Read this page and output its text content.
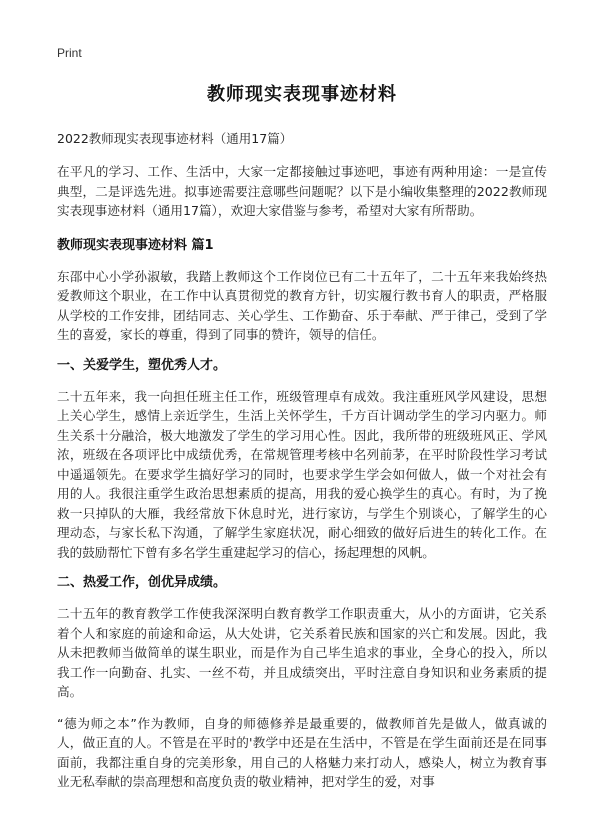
Print
教师现实表现事迹材料
2022教师现实表现事迹材料（通用17篇）

在平凡的学习、工作、生活中，大家一定都接触过事迹吧，事迹有两种用途：一是宣传典型，二是评选先进。拟事迹需要注意哪些问题呢？以下是小编收集整理的2022教师现实表现事迹材料（通用17篇），欢迎大家借鉴与参考，希望对大家有所帮助。

教师现实表现事迹材料 篇1

东邵中心小学孙淑敏，我踏上教师这个工作岗位已有二十五年了，二十五年来我始终热爱教师这个职业，在工作中认真贯彻党的教育方针，切实履行教书育人的职责，严格服从学校的工作安排，团结同志、关心学生、工作勤奋、乐于奉献、严于律己，受到了学生的喜爱，家长的尊重，得到了同事的赞许，领导的信任。

一、关爱学生，塑优秀人才。

二十五年来，我一向担任班主任工作，班级管理卓有成效。我注重班风学风建设，思想上关心学生，感情上亲近学生，生活上关怀学生，千方百计调动学生的学习内驱力。师生关系十分融洽，极大地激发了学生的学习用心性。因此，我所带的班级班风正、学风浓，班级在各项评比中成绩优秀，在常规管理考核中名列前茅，在平时阶段性学习考试中遥遥领先。在要求学生搞好学习的同时，也要求学生学会如何做人，做一个对社会有用的人。我很注重学生政治思想素质的提高，用我的爱心换学生的真心。有时，为了挽救一只掉队的大雁，我经常放下休息时光，进行家访，与学生个别谈心，了解学生的心理动态，与家长私下沟通，了解学生家庭状况，耐心细致的做好后进生的转化工作。在我的鼓励帮忙下曾有多名学生重建起学习的信心，扬起理想的风帆。

二、热爱工作，创优异成绩。

二十五年的教育教学工作使我深深明白教育教学工作职责重大，从小的方面讲，它关系着个人和家庭的前途和命运，从大处讲，它关系着民族和国家的兴亡和发展。因此，我从未把教师当做简单的谋生职业，而是作为自己毕生追求的事业，全身心的投入，所以我工作一向勤奋、扎实、一丝不苟，并且成绩突出，平时注意自身知识和业务素质的提高。

“德为师之本”作为教师，自身的师德修养是最重要的，做教师首先是做人，做真诚的人，做正直的人。不管是在平时的'教学中还是在生活中，不管是在学生面前还是在同事面前，我都注重自身的完美形象，用自己的人格魅力来打动人，感染人，树立为教育事业无私奉献的崇高理想和高度负责的敬业精神，把对学生的爱，对事
